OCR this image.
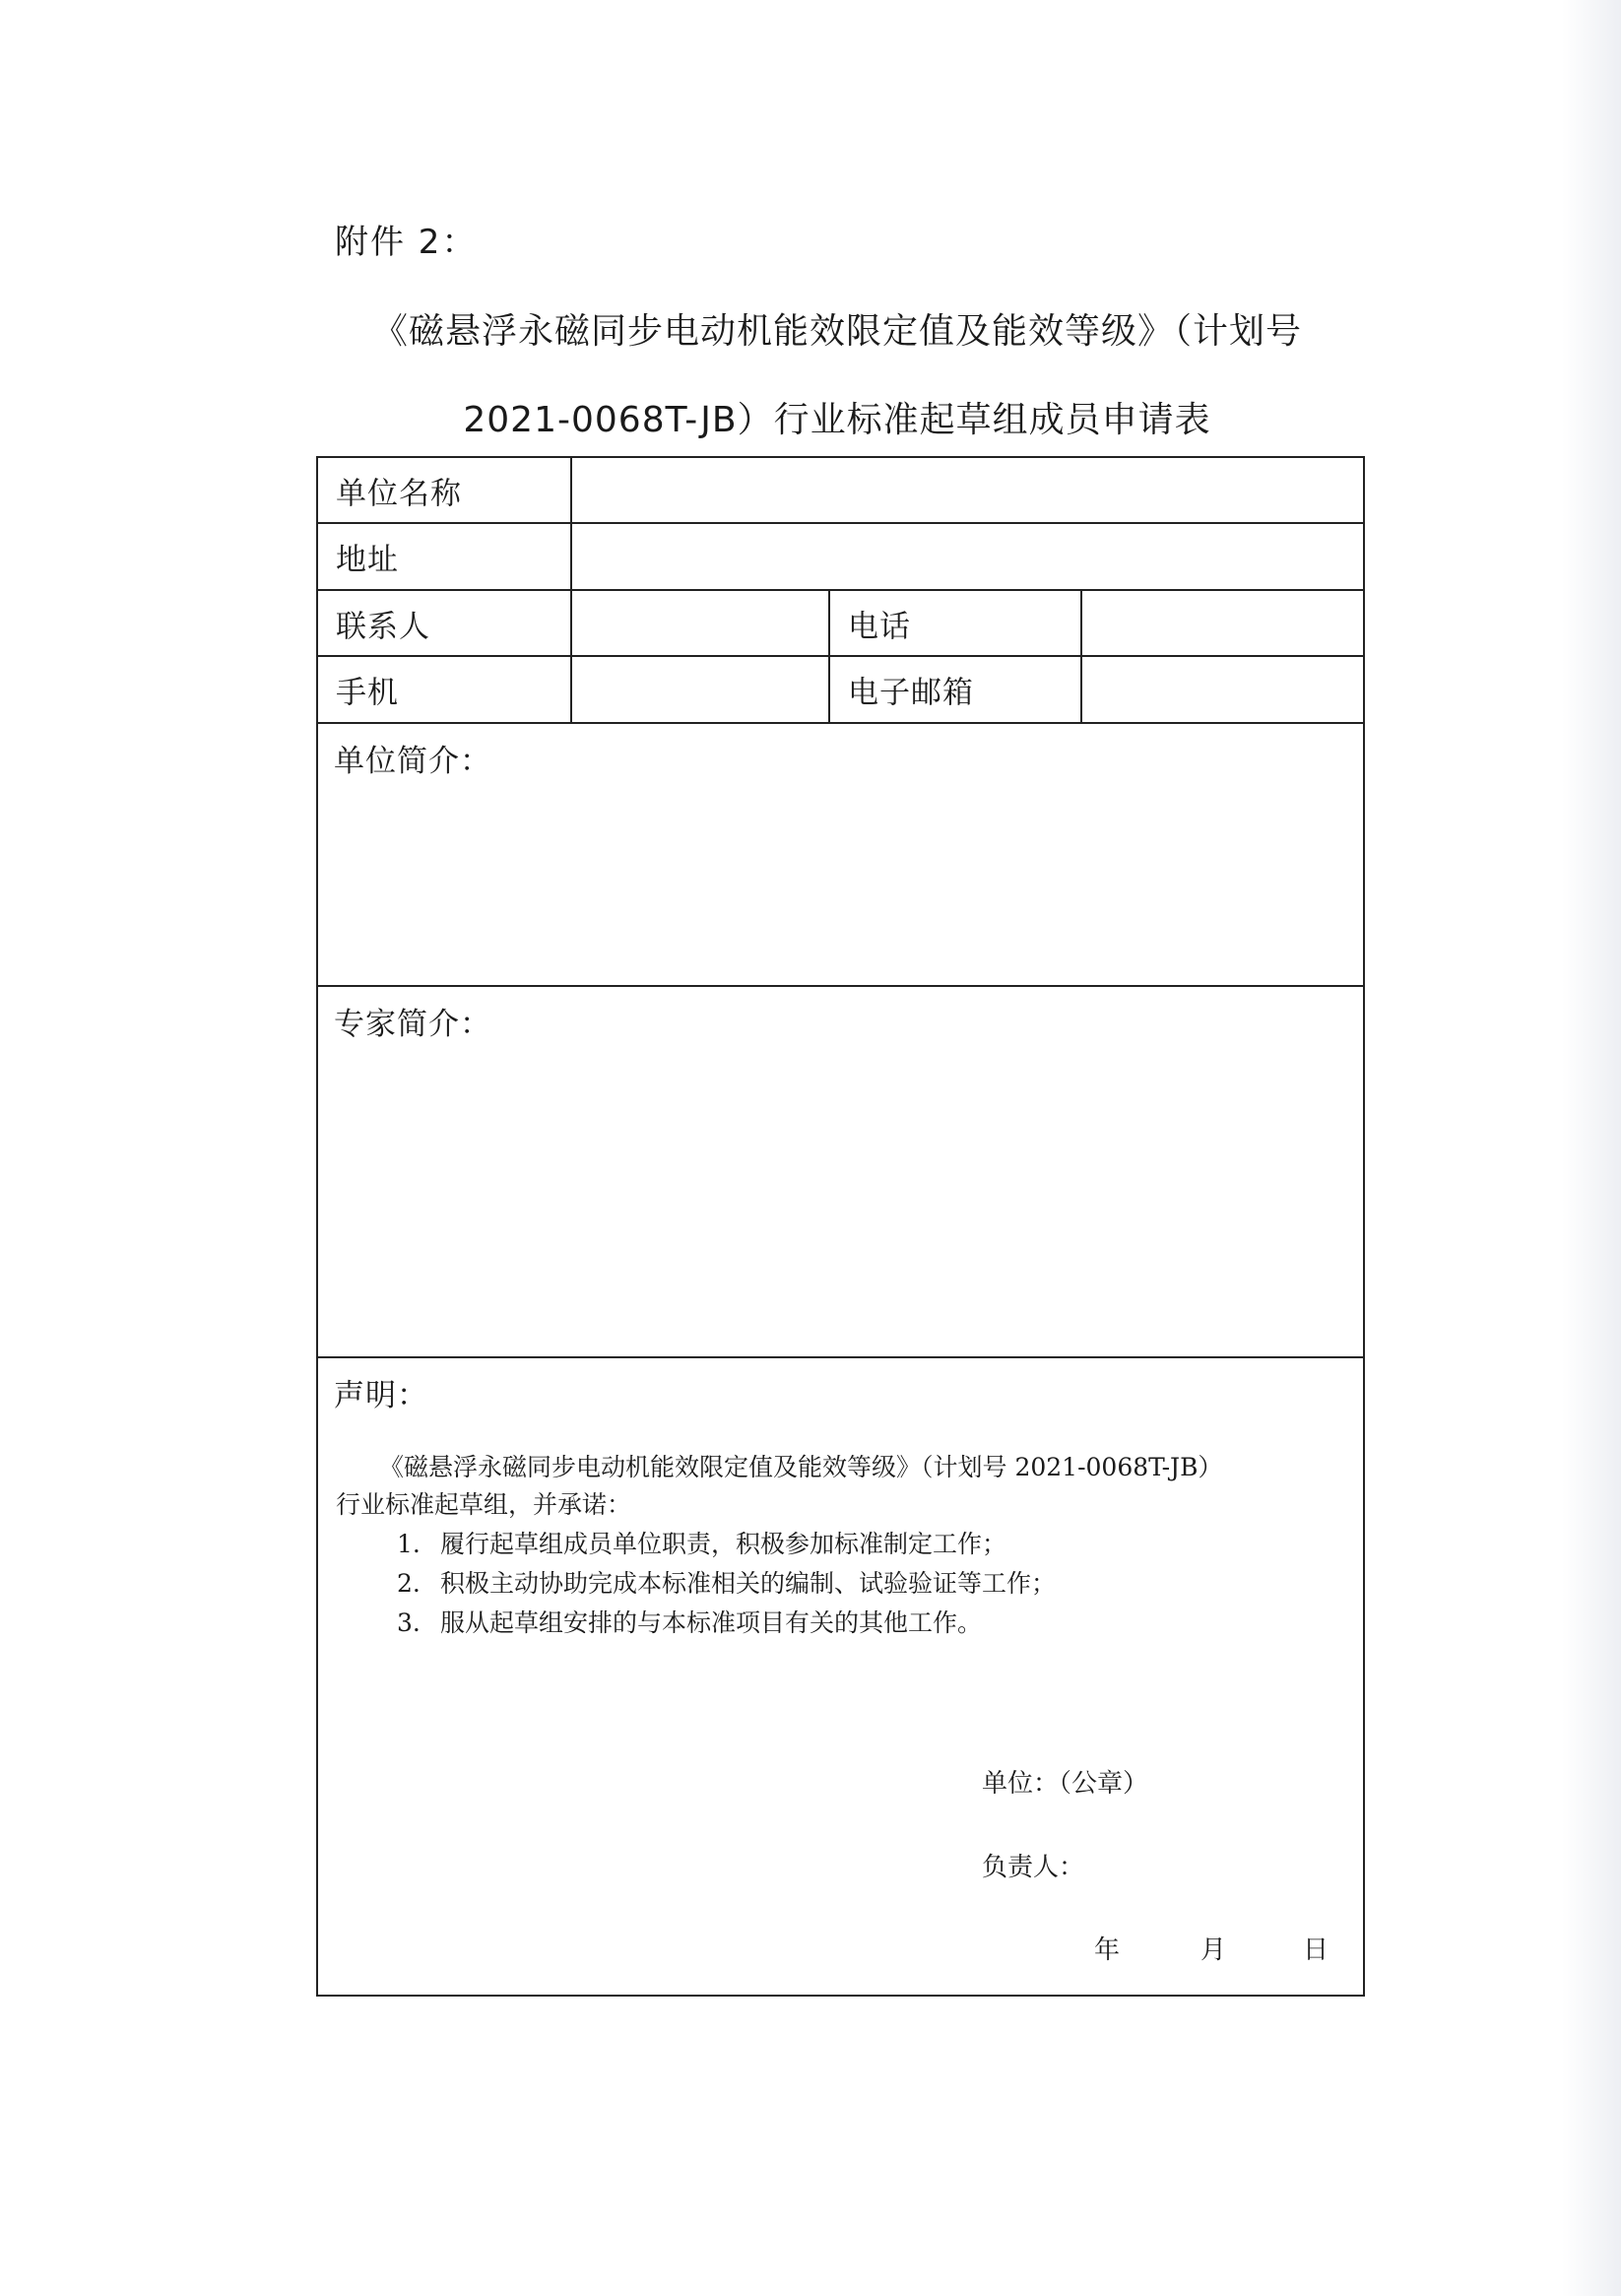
附件 2：
《磁悬浮永磁同步电动机能效限定值及能效等级》（计划号
2021-0068T-JB）行业标准起草组成员申请表
单位名称
地址
联系人	电话
手机	电子邮箱
单位简介：
专家简介：
声明：
《磁悬浮永磁同步电动机能效限定值及能效等级》（计划号 2021-0068T-JB）
行业标准起草组，并承诺：
1. 履行起草组成员单位职责，积极参加标准制定工作；
2. 积极主动协助完成本标准相关的编制、试验验证等工作；
3. 服从起草组安排的与本标准项目有关的其他工作。
单位：（公章）
负责人：
年	月	日
